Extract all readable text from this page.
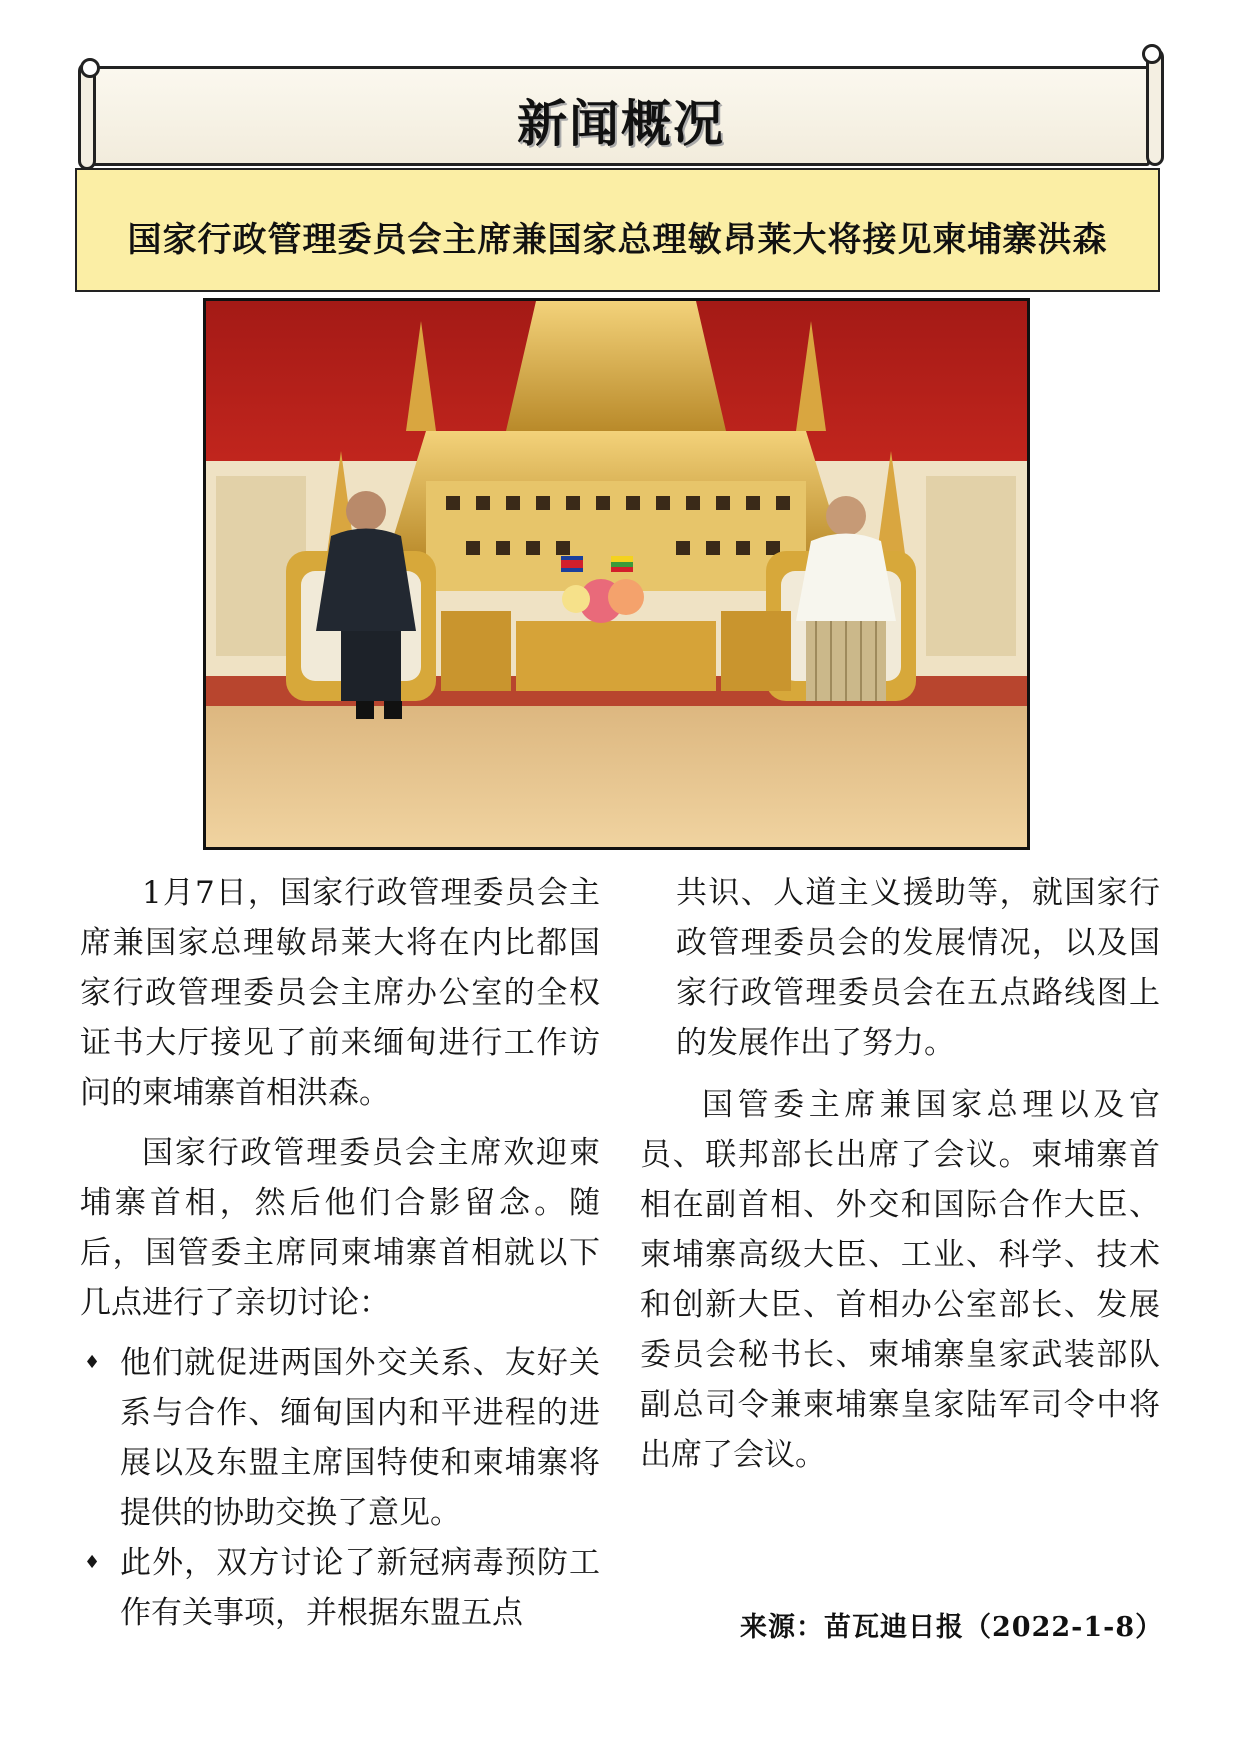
新闻概况
国家行政管理委员会主席兼国家总理敏昂莱大将接见柬埔寨洪森

1月7日，国家行政管理委员会主席兼国家总理敏昂莱大将在内比都国家行政管理委员会主席办公室的全权证书大厅接见了前来缅甸进行工作访问的柬埔寨首相洪森。

国家行政管理委员会主席欢迎柬埔寨首相，然后他们合影留念。随后，国管委主席同柬埔寨首相就以下几点进行了亲切讨论：

♦ 他们就促进两国外交关系、友好关系与合作、缅甸国内和平进程的进展以及东盟主席国特使和柬埔寨将提供的协助交换了意见。
♦ 此外，双方讨论了新冠病毒预防工作有关事项，并根据东盟五点

共识、人道主义援助等，就国家行政管理委员会的发展情况，以及国家行政管理委员会在五点路线图上的发展作出了努力。

国管委主席兼国家总理以及官员、联邦部长出席了会议。柬埔寨首相在副首相、外交和国际合作大臣、柬埔寨高级大臣、工业、科学、技术和创新大臣、首相办公室部长、发展委员会秘书长、柬埔寨皇家武装部队副总司令兼柬埔寨皇家陆军司令中将出席了会议。

来源：苗瓦迪日报（2022-1-8）
